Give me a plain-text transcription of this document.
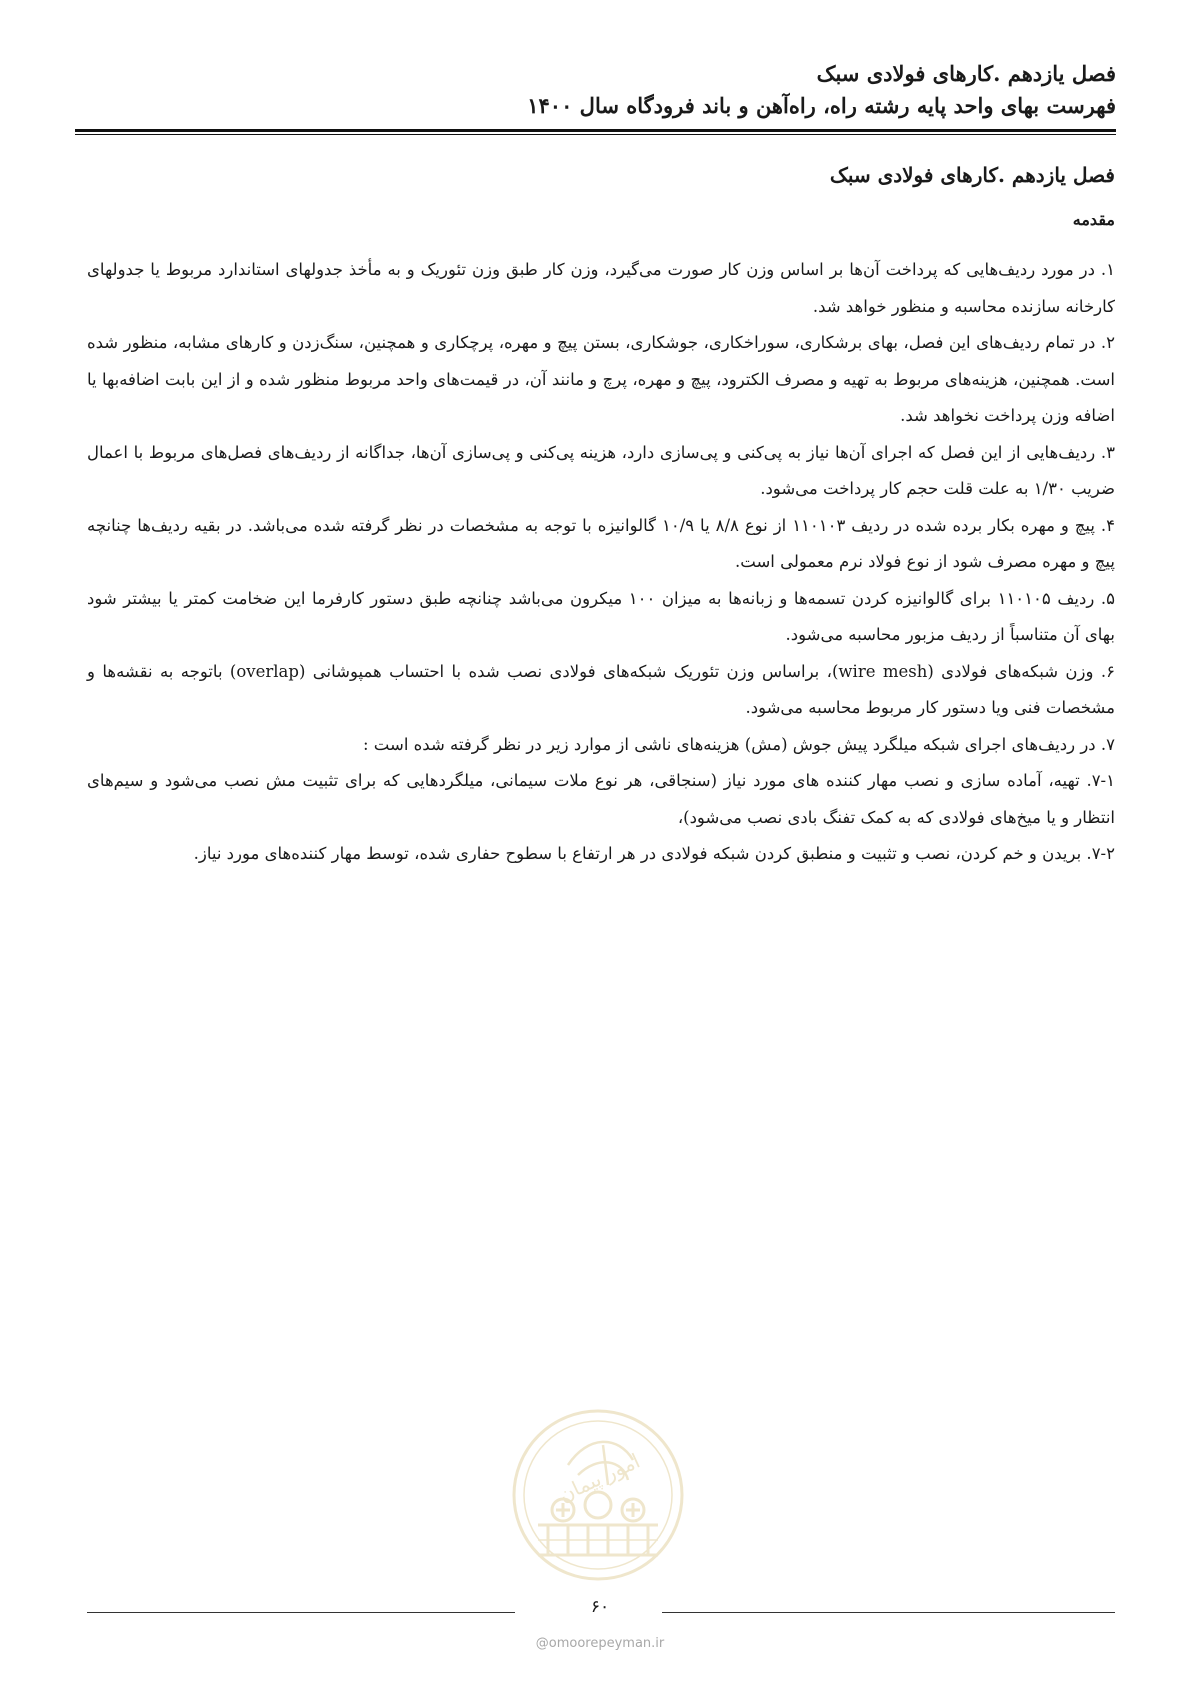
فصل یازدهم .کارهای فولادی سبک
فهرست بهای واحد پایه رشته راه، راه‌آهن و باند فرودگاه سال ۱۴۰۰
فصل یازدهم .کارهای فولادی سبک
مقدمه

۱. در مورد ردیف‌هایی که پرداخت آن‌ها بر اساس وزن کار صورت می‌گیرد، وزن کار طبق وزن تئوریک و به مأخذ جدولهای استاندارد مربوط یا جدولهای کارخانه سازنده محاسبه و منظور خواهد شد.

۲. در تمام ردیف‌های این فصل، بهای برشکاری، سوراخکاری، جوشکاری، بستن پیچ و مهره، پرچکاری و همچنین، سنگ‌زدن و کارهای مشابه، منظور شده است. همچنین، هزینه‌های مربوط به تهیه و مصرف الکترود، پیچ و مهره، پرچ و مانند آن، در قیمت‌های واحد مربوط منظور شده و از این بابت اضافه‌بها یا اضافه وزن پرداخت نخواهد شد.

۳. ردیف‌هایی از این فصل که اجرای آن‌ها نیاز به پی‌کنی و پی‌سازی دارد، هزینه پی‌کنی و پی‌سازی آن‌ها، جداگانه از ردیف‌های فصل‌های مربوط با اعمال ضریب ۱/۳۰ به علت قلت حجم کار پرداخت می‌شود.

۴. پیچ و مهره بکار برده شده در ردیف ۱۱۰۱۰۳ از نوع ۸/۸ یا ۱۰/۹ گالوانیزه با توجه به مشخصات در نظر گرفته شده می‌باشد. در بقیه ردیف‌ها چنانچه پیچ و مهره مصرف شود از نوع فولاد نرم معمولی است.

۵. ردیف ۱۱۰۱۰۵ برای گالوانیزه کردن تسمه‌ها و زبانه‌ها به میزان ۱۰۰ میکرون می‌باشد چنانچه طبق دستور کارفرما این ضخامت کمتر یا بیشتر شود بهای آن متناسباً از ردیف مزبور محاسبه می‌شود.

۶. وزن شبکه‌های فولادی (wire mesh)، براساس وزن تئوریک شبکه‌های فولادی نصب شده با احتساب همپوشانی (overlap) باتوجه به نقشه‌ها و مشخصات فنی ویا دستور کار مربوط محاسبه می‌شود.

۷. در ردیف‌های اجرای شبکه میلگرد پیش جوش (مش) هزینه‌های ناشی از موارد زیر در نظر گرفته شده است :

۷-۱. تهیه، آماده سازی و نصب مهار کننده های مورد نیاز (سنجاقی، هر نوع ملات سیمانی، میلگردهایی که برای تثبیت مش نصب می‌شود و سیم‌های انتظار و یا میخ‌های فولادی که به کمک تفنگ بادی نصب می‌شود)،

۷-۲. بریدن و خم کردن، نصب و تثبیت و منطبق کردن شبکه فولادی در هر ارتفاع با سطوح حفاری شده، توسط مهار کننده‌های مورد نیاز.

امور پیمان
۶۰
@omoorepeyman.ir
